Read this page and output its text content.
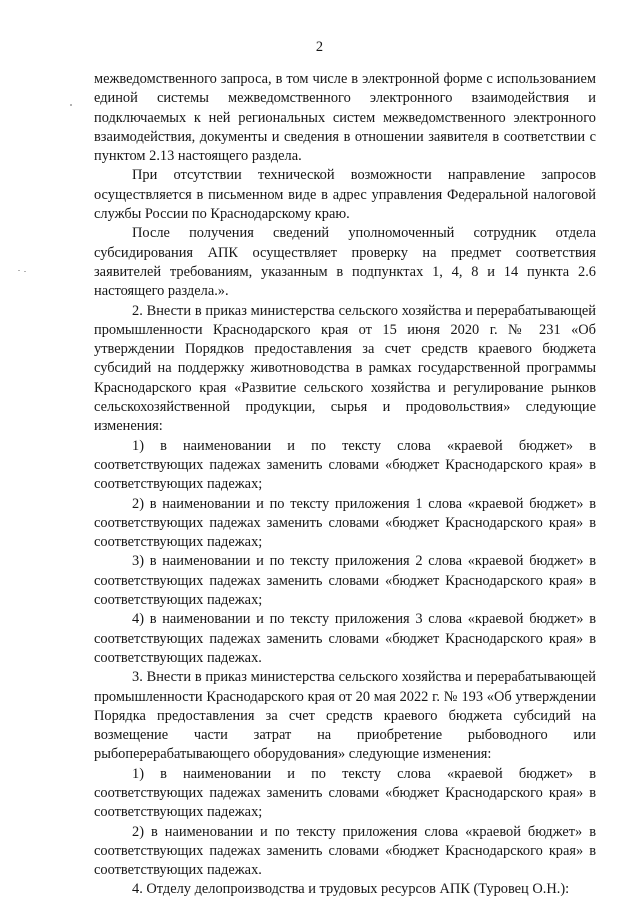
2

межведомственного запроса, в том числе в электронной форме с использованием единой системы межведомственного электронного взаимодействия и подключаемых к ней региональных систем межведомственного электронного взаимодействия, документы и сведения в отношении заявителя в соответствии с пунктом 2.13 настоящего раздела.

При отсутствии технической возможности направление запросов осуществляется в письменном виде в адрес управления Федеральной налоговой службы России по Краснодарскому краю.

После получения сведений уполномоченный сотрудник отдела субсидирования АПК осуществляет проверку на предмет соответствия заявителей требованиям, указанным в подпунктах 1, 4, 8 и 14 пункта 2.6 настоящего раздела.».

2. Внести в приказ министерства сельского хозяйства и перерабатывающей промышленности Краснодарского края от 15 июня 2020 г. № 231 «Об утверждении Порядков предоставления за счет средств краевого бюджета субсидий на поддержку животноводства в рамках государственной программы Краснодарского края «Развитие сельского хозяйства и регулирование рынков сельскохозяйственной продукции, сырья и продовольствия» следующие изменения:

1) в наименовании и по тексту слова «краевой бюджет» в соответствующих падежах заменить словами «бюджет Краснодарского края» в соответствующих падежах;

2) в наименовании и по тексту приложения 1 слова «краевой бюджет» в соответствующих падежах заменить словами «бюджет Краснодарского края» в соответствующих падежах;

3) в наименовании и по тексту приложения 2 слова «краевой бюджет» в соответствующих падежах заменить словами «бюджет Краснодарского края» в соответствующих падежах;

4) в наименовании и по тексту приложения 3 слова «краевой бюджет» в соответствующих падежах заменить словами «бюджет Краснодарского края» в соответствующих падежах.

3. Внести в приказ министерства сельского хозяйства и перерабатывающей промышленности Краснодарского края от 20 мая 2022 г. № 193 «Об утверждении Порядка предоставления за счет средств краевого бюджета субсидий на возмещение части затрат на приобретение рыбоводного или рыбоперерабатывающего оборудования» следующие изменения:

1) в наименовании и по тексту слова «краевой бюджет» в соответствующих падежах заменить словами «бюджет Краснодарского края» в соответствующих падежах;

2) в наименовании и по тексту приложения слова «краевой бюджет» в соответствующих падежах заменить словами «бюджет Краснодарского края» в соответствующих падежах.

4. Отделу делопроизводства и трудовых ресурсов АПК (Туровец О.Н.):
